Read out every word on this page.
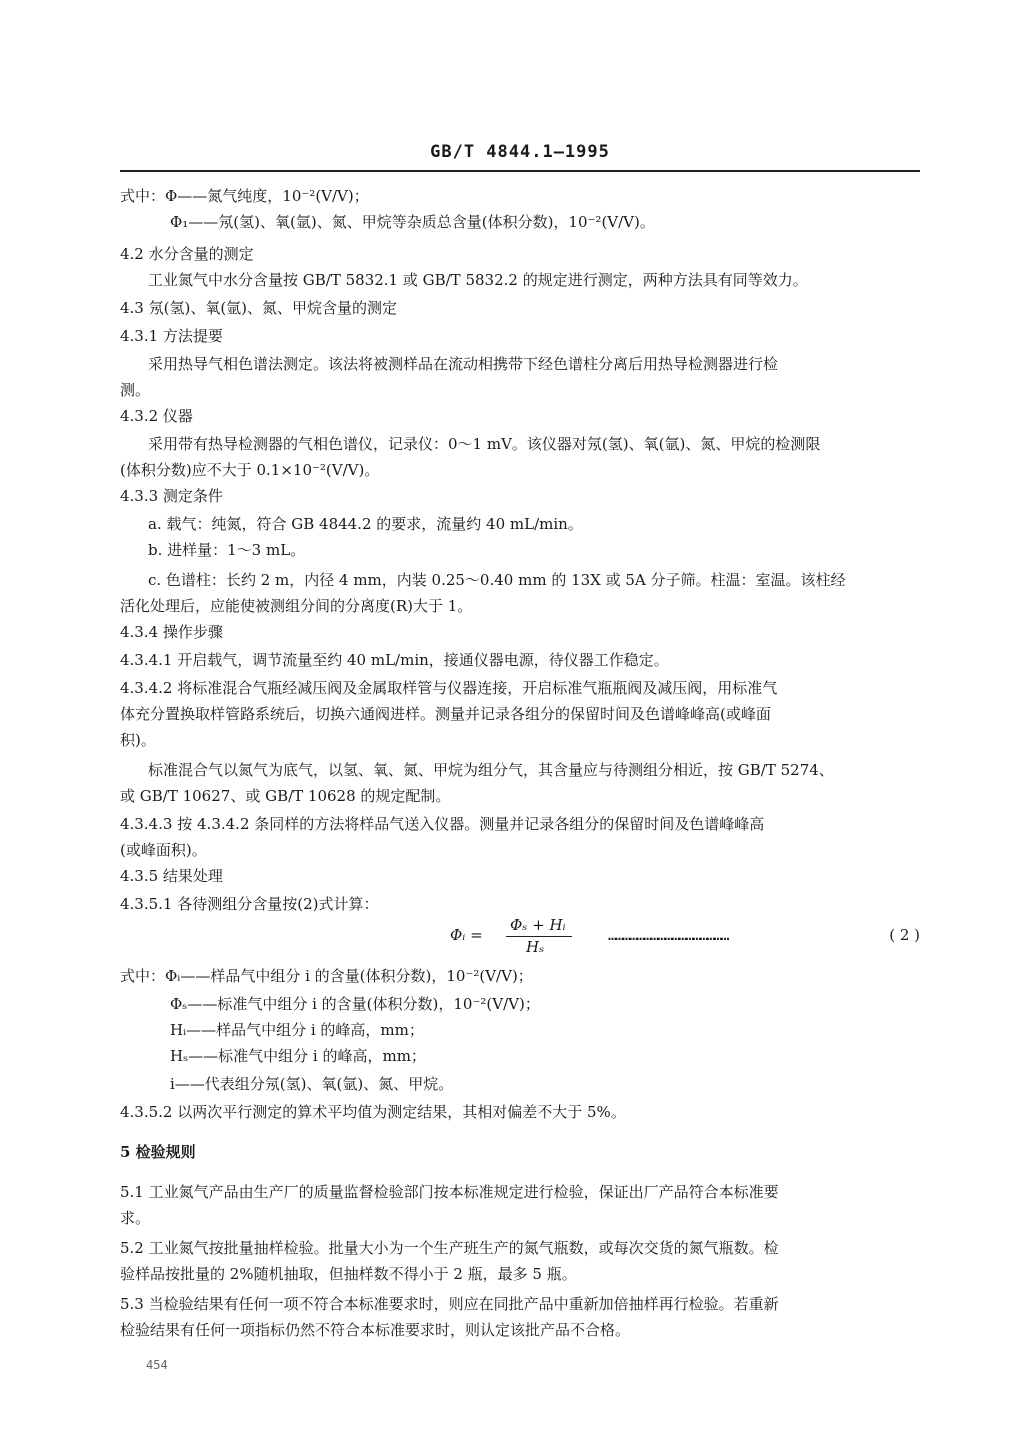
GB/T 4844.1—1995
式中：Φ——氮气纯度，10⁻²(V/V)；
Φ₁——氖(氢)、氧(氩)、氮、甲烷等杂质总含量(体积分数)，10⁻²(V/V)。
4.2 水分含量的测定
工业氮气中水分含量按 GB/T 5832.1 或 GB/T 5832.2 的规定进行测定，两种方法具有同等效力。
4.3 氖(氢)、氧(氩)、氮、甲烷含量的测定
4.3.1 方法提要
采用热导气相色谱法测定。该法将被测样品在流动相携带下经色谱柱分离后用热导检测器进行检
测。
4.3.2 仪器
采用带有热导检测器的气相色谱仪，记录仪：0～1 mV。该仪器对氖(氢)、氧(氩)、氮、甲烷的检测限
(体积分数)应不大于 0.1×10⁻²(V/V)。
4.3.3 测定条件
a. 载气：纯氮，符合 GB 4844.2 的要求，流量约 40 mL/min。
b. 进样量：1～3 mL。
c. 色谱柱：长约 2 m，内径 4 mm，内装 0.25～0.40 mm 的 13X 或 5A 分子筛。柱温：室温。该柱经
活化处理后，应能使被测组分间的分离度(R)大于 1。
4.3.4 操作步骤
4.3.4.1 开启载气，调节流量至约 40 mL/min，接通仪器电源，待仪器工作稳定。
4.3.4.2 将标准混合气瓶经减压阀及金属取样管与仪器连接，开启标准气瓶瓶阀及减压阀，用标准气
体充分置换取样管路系统后，切换六通阀进样。测量并记录各组分的保留时间及色谱峰峰高(或峰面
积)。
标准混合气以氮气为底气，以氢、氧、氮、甲烷为组分气，其含量应与待测组分相近，按 GB/T 5274、
或 GB/T 10627、或 GB/T 10628 的规定配制。
4.3.4.3 按 4.3.4.2 条同样的方法将样品气送入仪器。测量并记录各组分的保留时间及色谱峰峰高
(或峰面积)。
4.3.5 结果处理
4.3.5.1 各待测组分含量按(2)式计算：
Φᵢ =
Φₛ + Hᵢ
Hₛ
……………………………………………	( 2 )
式中：Φᵢ——样品气中组分 i 的含量(体积分数)，10⁻²(V/V)；
Φₛ——标准气中组分 i 的含量(体积分数)，10⁻²(V/V)；
Hᵢ——样品气中组分 i 的峰高，mm；
Hₛ——标准气中组分 i 的峰高，mm；
i——代表组分氖(氢)、氧(氩)、氮、甲烷。
4.3.5.2 以两次平行测定的算术平均值为测定结果，其相对偏差不大于 5%。
5 检验规则
5.1 工业氮气产品由生产厂的质量监督检验部门按本标准规定进行检验，保证出厂产品符合本标准要
求。
5.2 工业氮气按批量抽样检验。批量大小为一个生产班生产的氮气瓶数，或每次交货的氮气瓶数。检
验样品按批量的 2%随机抽取，但抽样数不得小于 2 瓶，最多 5 瓶。
5.3 当检验结果有任何一项不符合本标准要求时，则应在同批产品中重新加倍抽样再行检验。若重新
检验结果有任何一项指标仍然不符合本标准要求时，则认定该批产品不合格。
454
